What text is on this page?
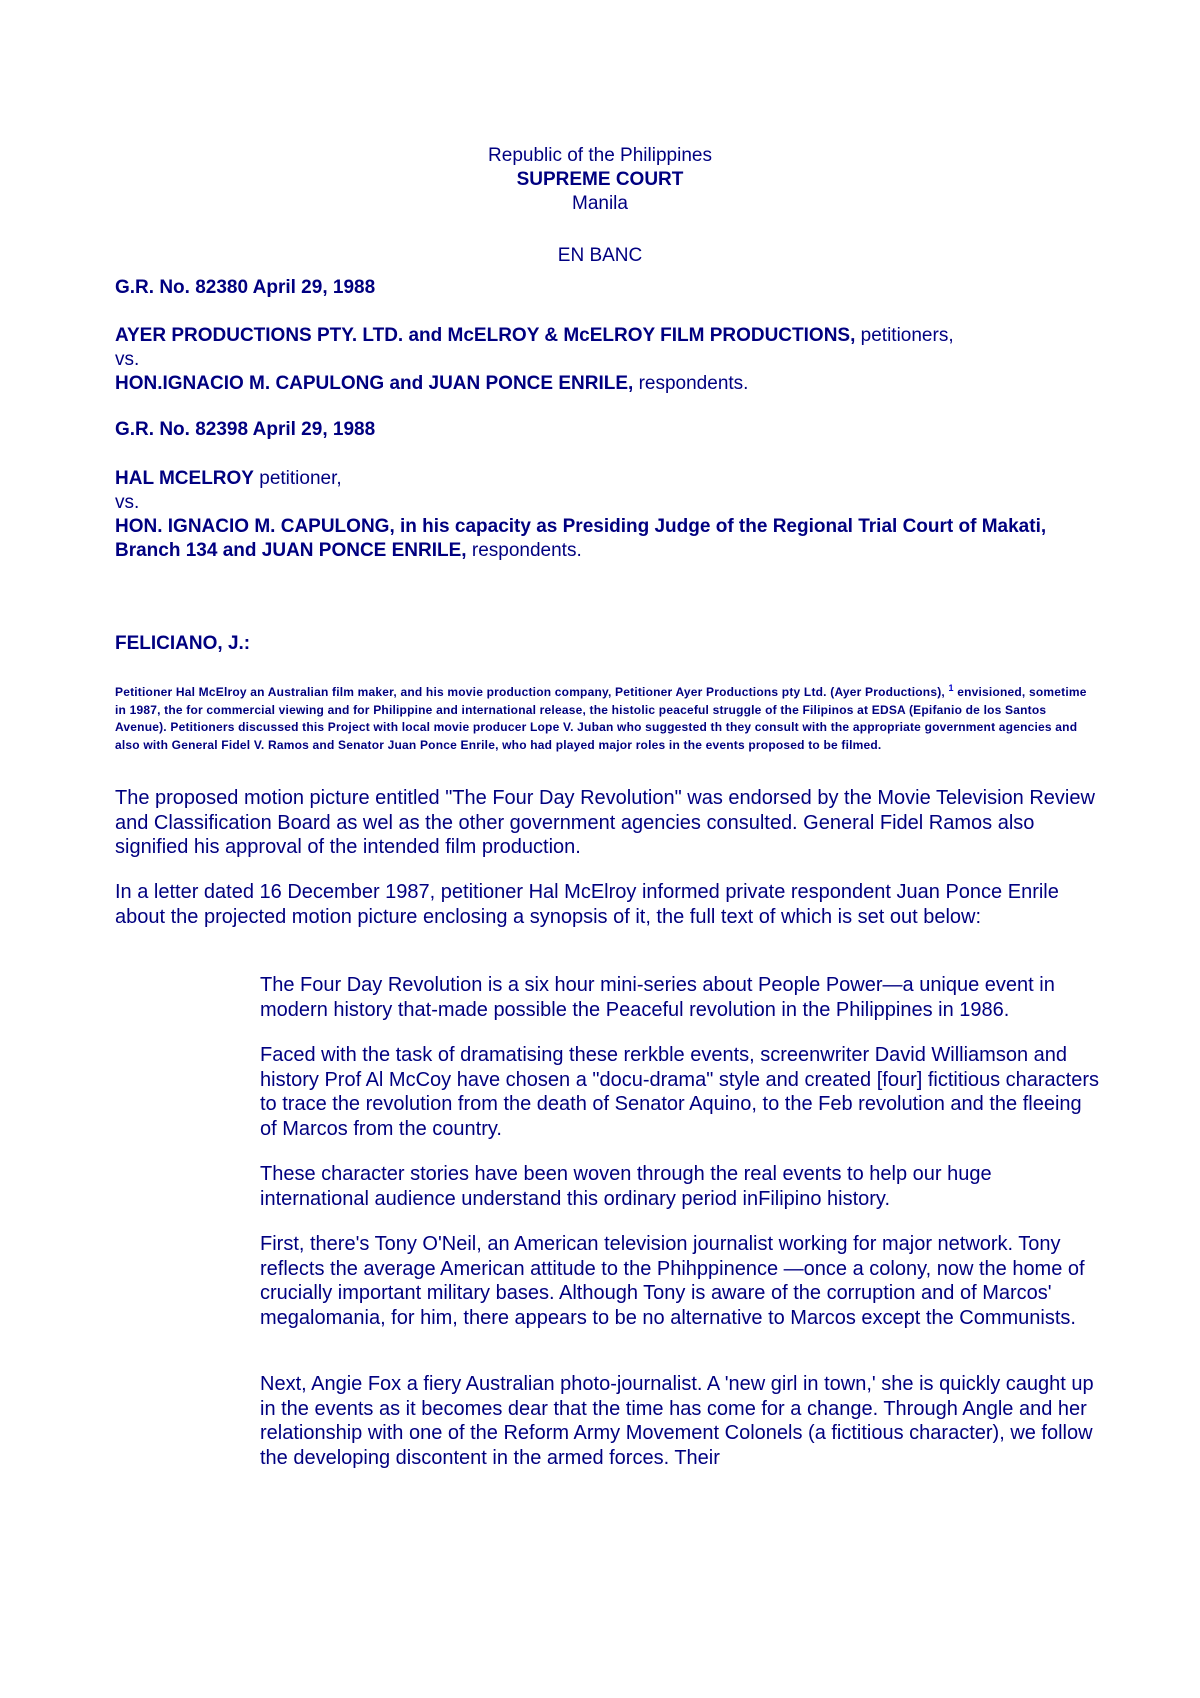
Republic of the Philippines
SUPREME COURT
Manila
EN BANC
G.R. No. 82380 April 29, 1988
AYER PRODUCTIONS PTY. LTD. and McELROY & McELROY FILM PRODUCTIONS, petitioners,
vs.
HON.IGNACIO M. CAPULONG and JUAN PONCE ENRILE, respondents.
G.R. No. 82398 April 29, 1988
HAL MCELROY petitioner,
vs.
HON. IGNACIO M. CAPULONG, in his capacity as Presiding Judge of the Regional Trial Court of Makati, Branch 134 and JUAN PONCE ENRILE, respondents.
FELICIANO, J.:
Petitioner Hal McElroy an Australian film maker, and his movie production company, Petitioner Ayer Productions pty Ltd. (Ayer Productions), $^1$ envisioned, sometime in 1987, the for commercial viewing and for Philippine and international release, the histolic peaceful struggle of the Filipinos at EDSA (Epifanio de los Santos Avenue). Petitioners discussed this Project with local movie producer Lope V. Juban who suggested th they consult with the appropriate government agencies and also with General Fidel V. Ramos and Senator Juan Ponce Enrile, who had played major roles in the events proposed to be filmed.
The proposed motion picture entitled "The Four Day Revolution" was endorsed by the Movie Television Review and Classification Board as wel as the other government agencies consulted. General Fidel Ramos also signified his approval of the intended film production.
In a letter dated 16 December 1987, petitioner Hal McElroy informed private respondent Juan Ponce Enrile about the projected motion picture enclosing a synopsis of it, the full text of which is set out below:
The Four Day Revolution is a six hour mini-series about People Power—a unique event in modern history that-made possible the Peaceful revolution in the Philippines in 1986.
Faced with the task of dramatising these rerkble events, screenwriter David Williamson and history Prof Al McCoy have chosen a "docu-drama" style and created [four] fictitious characters to trace the revolution from the death of Senator Aquino, to the Feb revolution and the fleeing of Marcos from the country.
These character stories have been woven through the real events to help our huge international audience understand this ordinary period inFilipino history.
First, there's Tony O'Neil, an American television journalist working for major network. Tony reflects the average American attitude to the Phihppinence —once a colony, now the home of crucially important military bases. Although Tony is aware of the corruption and of Marcos' megalomania, for him, there appears to be no alternative to Marcos except the Communists.
Next, Angie Fox a fiery Australian photo-journalist. A 'new girl in town,' she is quickly caught up in the events as it becomes dear that the time has come for a change. Through Angle and her relationship with one of the Reform Army Movement Colonels (a fictitious character), we follow the developing discontent in the armed forces. Their
